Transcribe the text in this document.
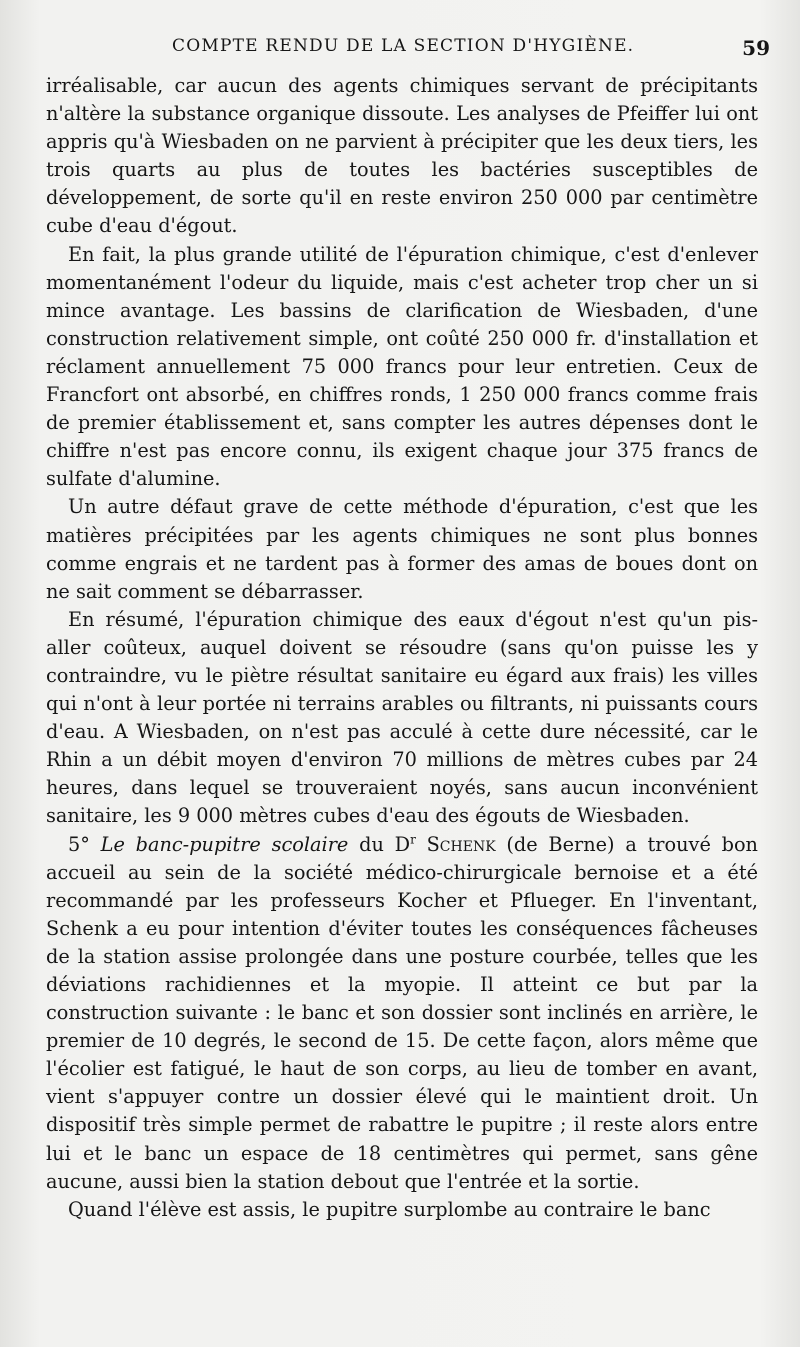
COMPTE RENDU DE LA SECTION D'HYGIÈNE.	59

irréalisable, car aucun des agents chimiques servant de précipitants n'altère la substance organique dissoute. Les analyses de Pfeiffer lui ont appris qu'à Wiesbaden on ne parvient à précipiter que les deux tiers, les trois quarts au plus de toutes les bactéries susceptibles de développement, de sorte qu'il en reste environ 250 000 par centimètre cube d'eau d'égout.

En fait, la plus grande utilité de l'épuration chimique, c'est d'enlever momentanément l'odeur du liquide, mais c'est acheter trop cher un si mince avantage. Les bassins de clarification de Wiesbaden, d'une construction relativement simple, ont coûté 250 000 fr. d'installation et réclament annuellement 75 000 francs pour leur entretien. Ceux de Francfort ont absorbé, en chiffres ronds, 1 250 000 francs comme frais de premier établissement et, sans compter les autres dépenses dont le chiffre n'est pas encore connu, ils exigent chaque jour 375 francs de sulfate d'alumine.

Un autre défaut grave de cette méthode d'épuration, c'est que les matières précipitées par les agents chimiques ne sont plus bonnes comme engrais et ne tardent pas à former des amas de boues dont on ne sait comment se débarrasser.

En résumé, l'épuration chimique des eaux d'égout n'est qu'un pis-aller coûteux, auquel doivent se résoudre (sans qu'on puisse les y contraindre, vu le piètre résultat sanitaire eu égard aux frais) les villes qui n'ont à leur portée ni terrains arables ou filtrants, ni puissants cours d'eau. A Wiesbaden, on n'est pas acculé à cette dure nécessité, car le Rhin a un débit moyen d'environ 70 millions de mètres cubes par 24 heures, dans lequel se trouveraient noyés, sans aucun inconvénient sanitaire, les 9 000 mètres cubes d'eau des égouts de Wiesbaden.

5° Le banc-pupitre scolaire du $D^r$ Schenk (de Berne) a trouvé bon accueil au sein de la société médico-chirurgicale bernoise et a été recommandé par les professeurs Kocher et Pflueger. En l'inventant, Schenk a eu pour intention d'éviter toutes les conséquences fâcheuses de la station assise prolongée dans une posture courbée, telles que les déviations rachidiennes et la myopie. Il atteint ce but par la construction suivante : le banc et son dossier sont inclinés en arrière, le premier de 10 degrés, le second de 15. De cette façon, alors même que l'écolier est fatigué, le haut de son corps, au lieu de tomber en avant, vient s'appuyer contre un dossier élevé qui le maintient droit. Un dispositif très simple permet de rabattre le pupitre ; il reste alors entre lui et le banc un espace de 18 centimètres qui permet, sans gêne aucune, aussi bien la station debout que l'entrée et la sortie.

Quand l'élève est assis, le pupitre surplombe au contraire le banc
